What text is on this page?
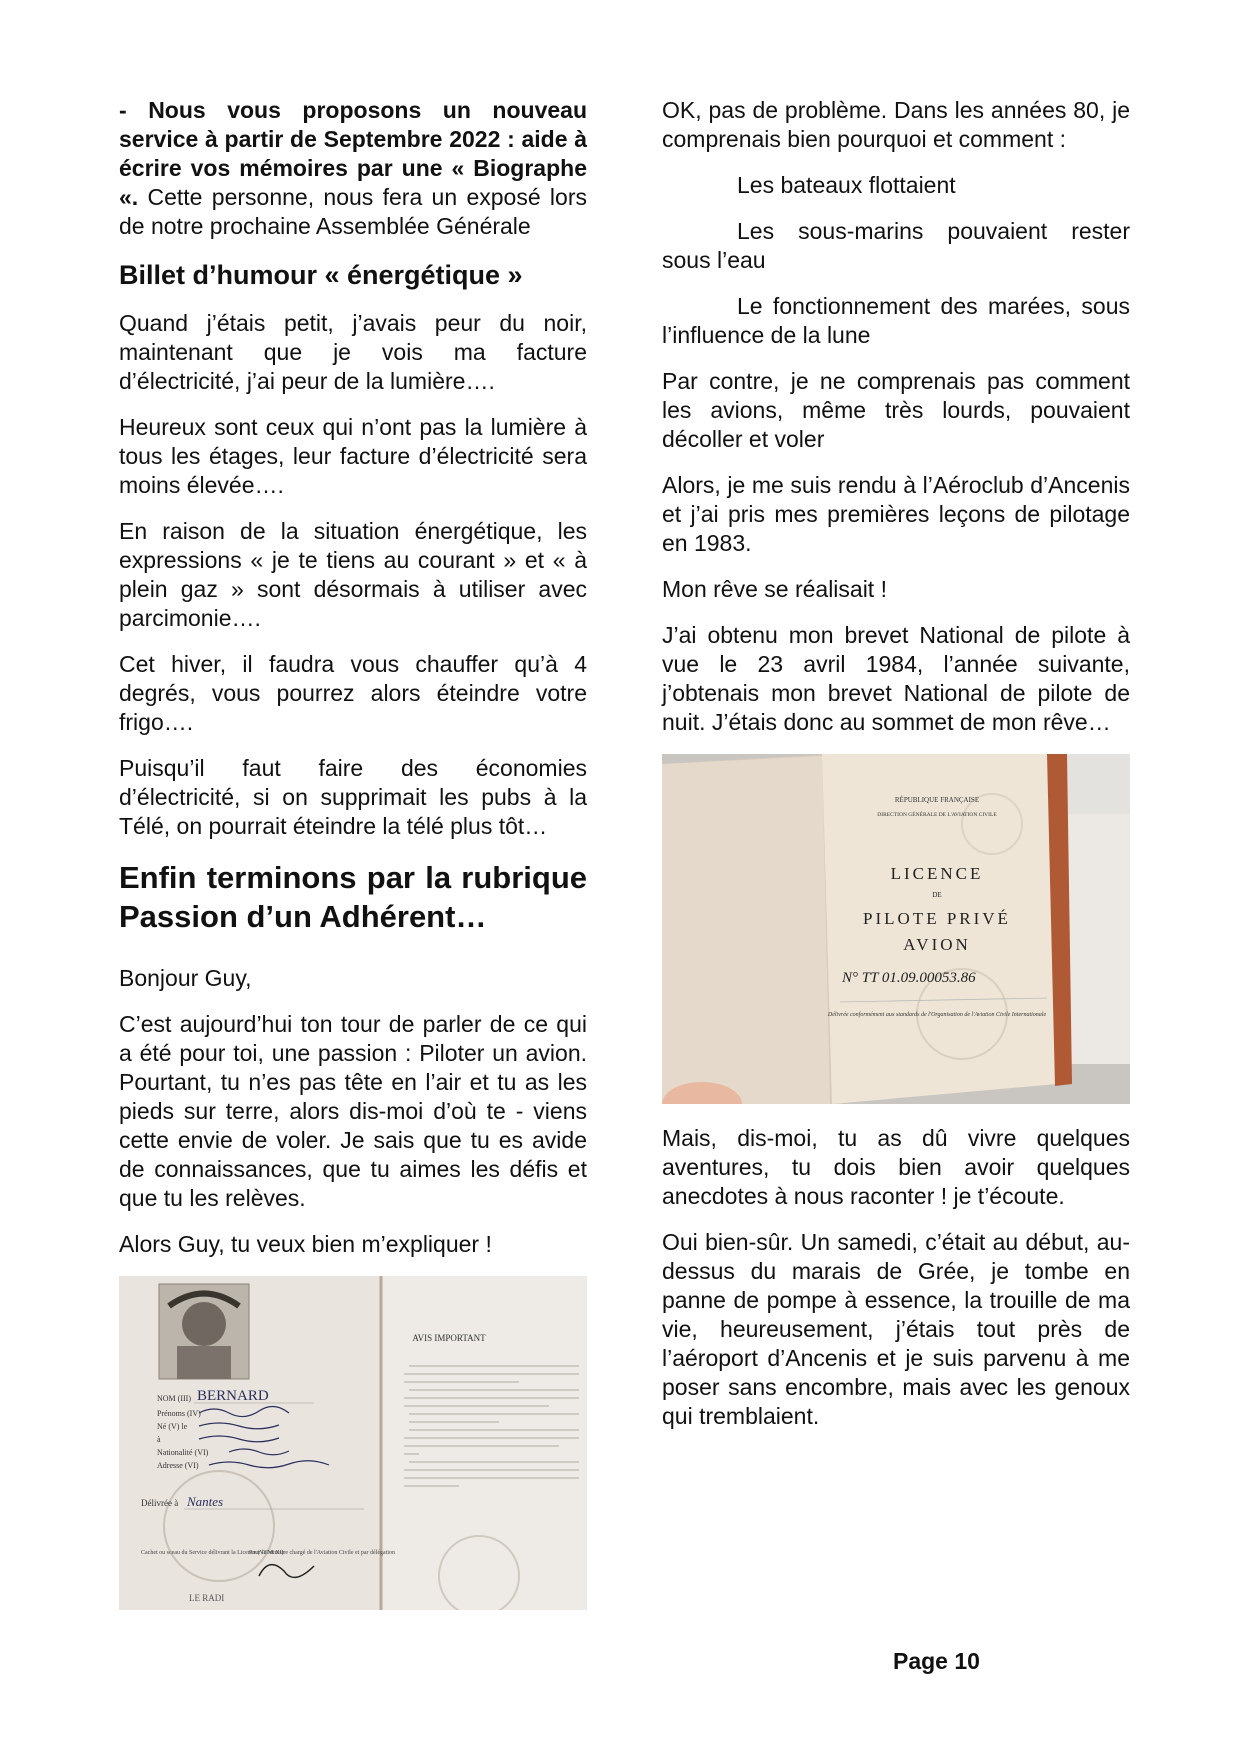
- Nous vous proposons un nouveau service à partir de Septembre 2022 : aide à écrire vos mémoires par une « Biographe «. Cette personne, nous fera un exposé lors de notre prochaine Assemblée Générale

Billet d’humour « énergétique »

Quand j’étais petit, j’avais peur du noir, maintenant que je vois ma facture d’électricité, j’ai peur de la lumière….

Heureux sont ceux qui n’ont pas la lumière à tous les étages, leur facture d’électricité sera moins élevée….

En raison de la situation énergétique, les expressions « je te tiens au courant » et « à plein gaz » sont désormais à utiliser avec parcimonie….

Cet hiver, il faudra vous chauffer qu’à 4 degrés, vous pourrez alors éteindre votre frigo….

Puisqu’il faut faire des économies d’électricité, si on supprimait les pubs à la Télé, on pourrait éteindre la télé plus tôt…

Enfin terminons par la rubrique Passion d’un Adhérent…

Bonjour Guy,

C’est aujourd’hui ton tour de parler de ce qui a été pour toi, une passion : Piloter un avion. Pourtant, tu n’es pas tête en l’air et tu as les pieds sur terre, alors dis-moi d’où te - viens cette envie de voler. Je sais que tu es avide de connaissances, que tu aimes les défis et que tu les relèves.

Alors Guy, tu veux bien m’expliquer !

NOM (III) BERNARD
Prénoms (IV)
Né (V) le
à
Nationalité (VI)
Adresse (VI)
Délivrée à Nantes
Cachet ou sceau du Service délivrant la Licence (VII et XI)
Pour le Ministre chargé de l'Aviation Civile et par délégation
LE RADI
AVIS IMPORTANT

OK, pas de problème. Dans les années 80, je comprenais bien pourquoi et comment :

Les bateaux flottaient

Les sous-marins pouvaient rester sous l’eau

Le fonctionnement des marées, sous l’influence de la lune

Par contre, je ne comprenais pas comment les avions, même très lourds, pouvaient décoller et voler

Alors, je me suis rendu à l’Aéroclub d’Ancenis et j’ai pris mes premières leçons de pilotage en 1983.

Mon rêve se réalisait !

J’ai obtenu mon brevet National de pilote à vue le 23 avril 1984, l’année suivante, j’obtenais mon brevet National de pilote de nuit. J’étais donc au sommet de mon rêve…

RÉPUBLIQUE FRANÇAISE
DIRECTION GÉNÉRALE DE L'AVIATION CIVILE
LICENCE
DE
PILOTE PRIVÉ
AVION
N° TT 01.09.00053.86
Délivrée conformément aux standards de l'Organisation de l'Aviation Civile Internationale

Mais, dis-moi, tu as dû vivre quelques aventures, tu dois bien avoir quelques anecdotes à nous raconter ! je t’écoute.

Oui bien-sûr. Un samedi, c’était au début, au-dessus du marais de Grée, je tombe en panne de pompe à essence, la trouille de ma vie, heureusement, j’étais tout près de l’aéroport d’Ancenis et je suis parvenu à me poser sans encombre, mais avec les genoux qui tremblaient.

Page 10
